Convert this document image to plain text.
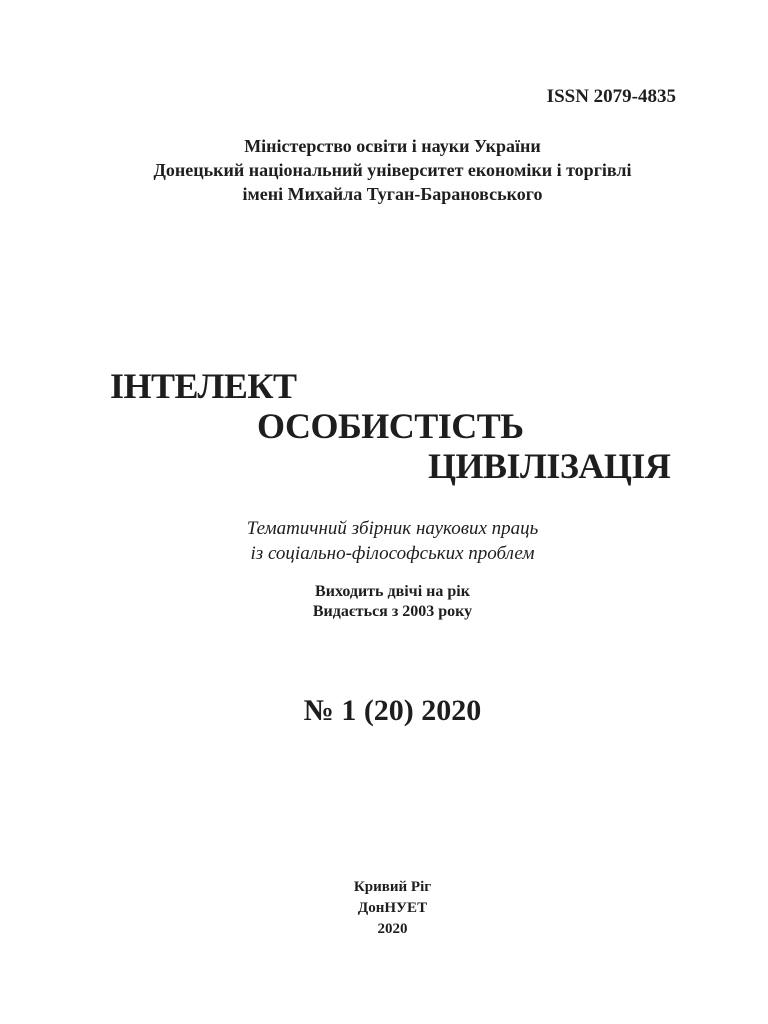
ISSN 2079-4835
Міністерство освіти і науки України
Донецький національний університет економіки і торгівлі
імені Михайла Туган-Барановського
ІНТЕЛЕКТ
ОСОБИСТІСТЬ
ЦИВІЛІЗАЦІЯ
Тематичний збірник наукових праць
із соціально-філософських проблем
Виходить двічі на рік
Видається з 2003 року
№ 1 (20) 2020
Кривий Ріг
ДонНУЕТ
2020
